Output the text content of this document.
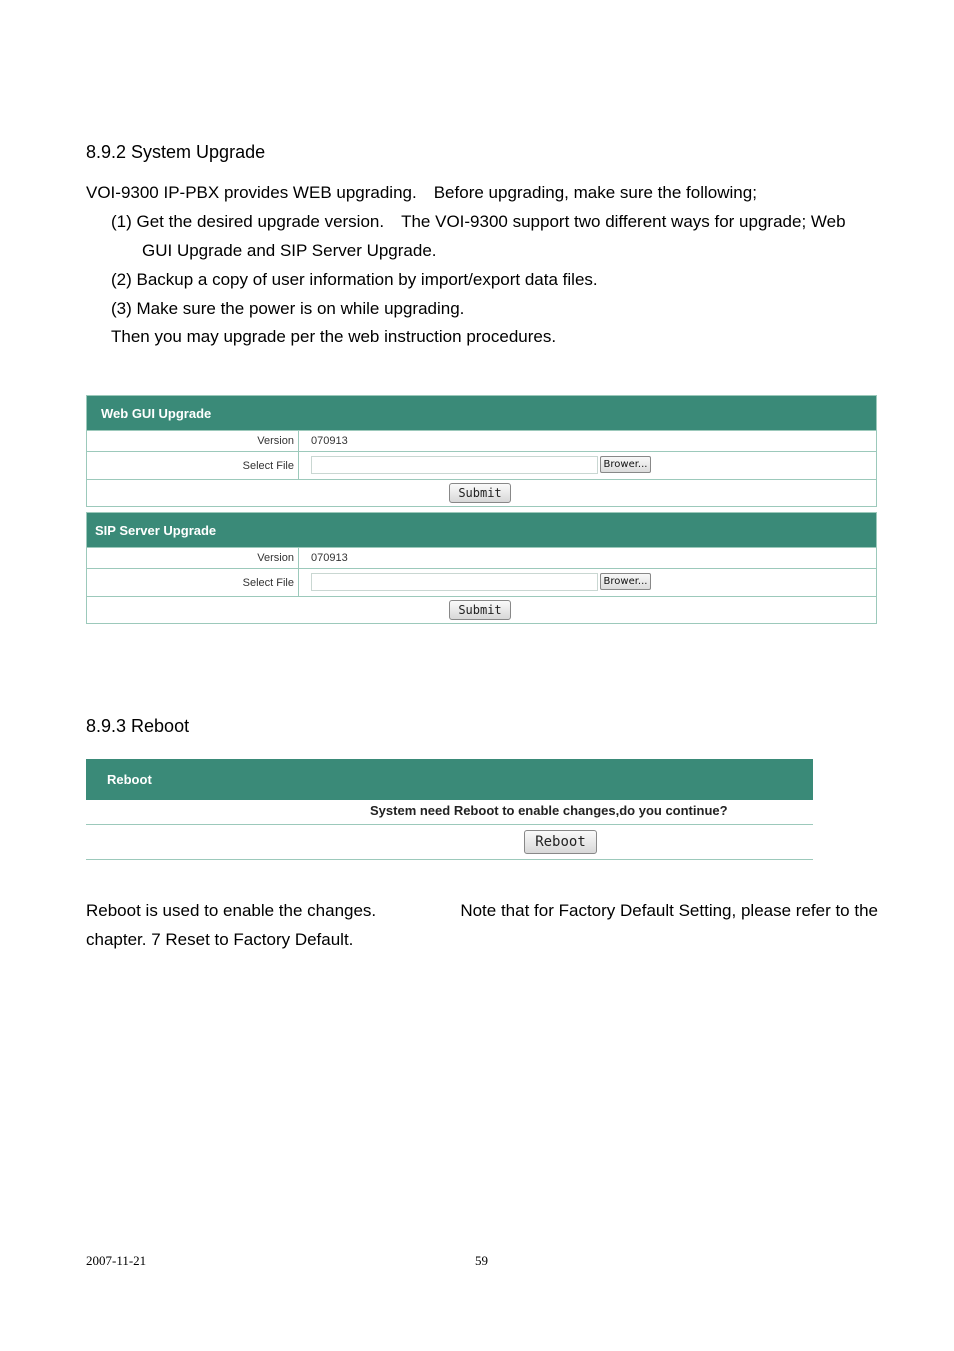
8.9.2 System Upgrade
VOI-9300 IP-PBX provides WEB upgrading. Before upgrading, make sure the following;
(1) Get the desired upgrade version. The VOI-9300 support two different ways for upgrade; Web
GUI Upgrade and SIP Server Upgrade.
(2) Backup a copy of user information by import/export data files.
(3) Make sure the power is on while upgrading.
Then you may upgrade per the web instruction procedures.
Web GUI Upgrade
Version	070913
Select File	Brower...
Submit
SIP Server Upgrade
Version	070913
Select File	Brower...
Submit
8.9.3 Reboot
Reboot
System need Reboot to enable changes,do you continue?
Reboot
Reboot is used to enable the changes.	Note that for Factory Default Setting, please refer to the
chapter. 7 Reset to Factory Default.
2007-11-21	59
